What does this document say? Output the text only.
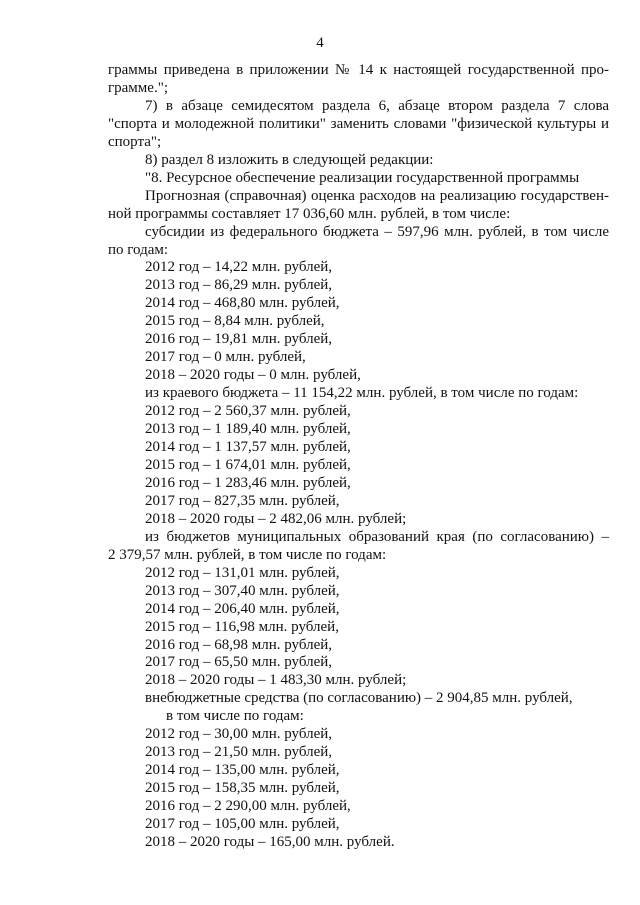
4

граммы приведена в приложении № 14 к настоящей государственной про-

грамме.";

7) в абзаце семидесятом раздела 6, абзаце втором раздела 7 слова

"спорта и молодежной политики" заменить словами "физической культуры и

спорта";

8) раздел 8 изложить в следующей редакции:

"8. Ресурсное обеспечение реализации государственной программы

Прогнозная (справочная) оценка расходов на реализацию государствен-

ной программы составляет 17 036,60 млн. рублей, в том числе:

субсидии из федерального бюджета – 597,96 млн. рублей, в том числе

по годам:

2012 год – 14,22 млн. рублей,

2013 год – 86,29 млн. рублей,

2014 год – 468,80 млн. рублей,

2015 год – 8,84 млн. рублей,

2016 год – 19,81 млн. рублей,

2017 год – 0 млн. рублей,

2018 – 2020 годы – 0 млн. рублей,

из краевого бюджета – 11 154,22 млн. рублей, в том числе по годам:

2012 год – 2 560,37 млн. рублей,

2013 год – 1 189,40 млн. рублей,

2014 год – 1 137,57 млн. рублей,

2015 год – 1 674,01 млн. рублей,

2016 год – 1 283,46 млн. рублей,

2017 год – 827,35 млн. рублей,

2018 – 2020 годы – 2 482,06 млн. рублей;

из бюджетов муниципальных образований края (по согласованию) –

2 379,57 млн. рублей, в том числе по годам:

2012 год – 131,01 млн. рублей,

2013 год – 307,40 млн. рублей,

2014 год – 206,40 млн. рублей,

2015 год – 116,98 млн. рублей,

2016 год – 68,98 млн. рублей,

2017 год – 65,50 млн. рублей,

2018 – 2020 годы – 1 483,30 млн. рублей;

внебюджетные средства (по согласованию) – 2 904,85 млн. рублей,

в том числе по годам:

2012 год – 30,00 млн. рублей,

2013 год – 21,50 млн. рублей,

2014 год – 135,00 млн. рублей,

2015 год – 158,35 млн. рублей,

2016 год – 2 290,00 млн. рублей,

2017 год – 105,00 млн. рублей,

2018 – 2020 годы – 165,00 млн. рублей.
